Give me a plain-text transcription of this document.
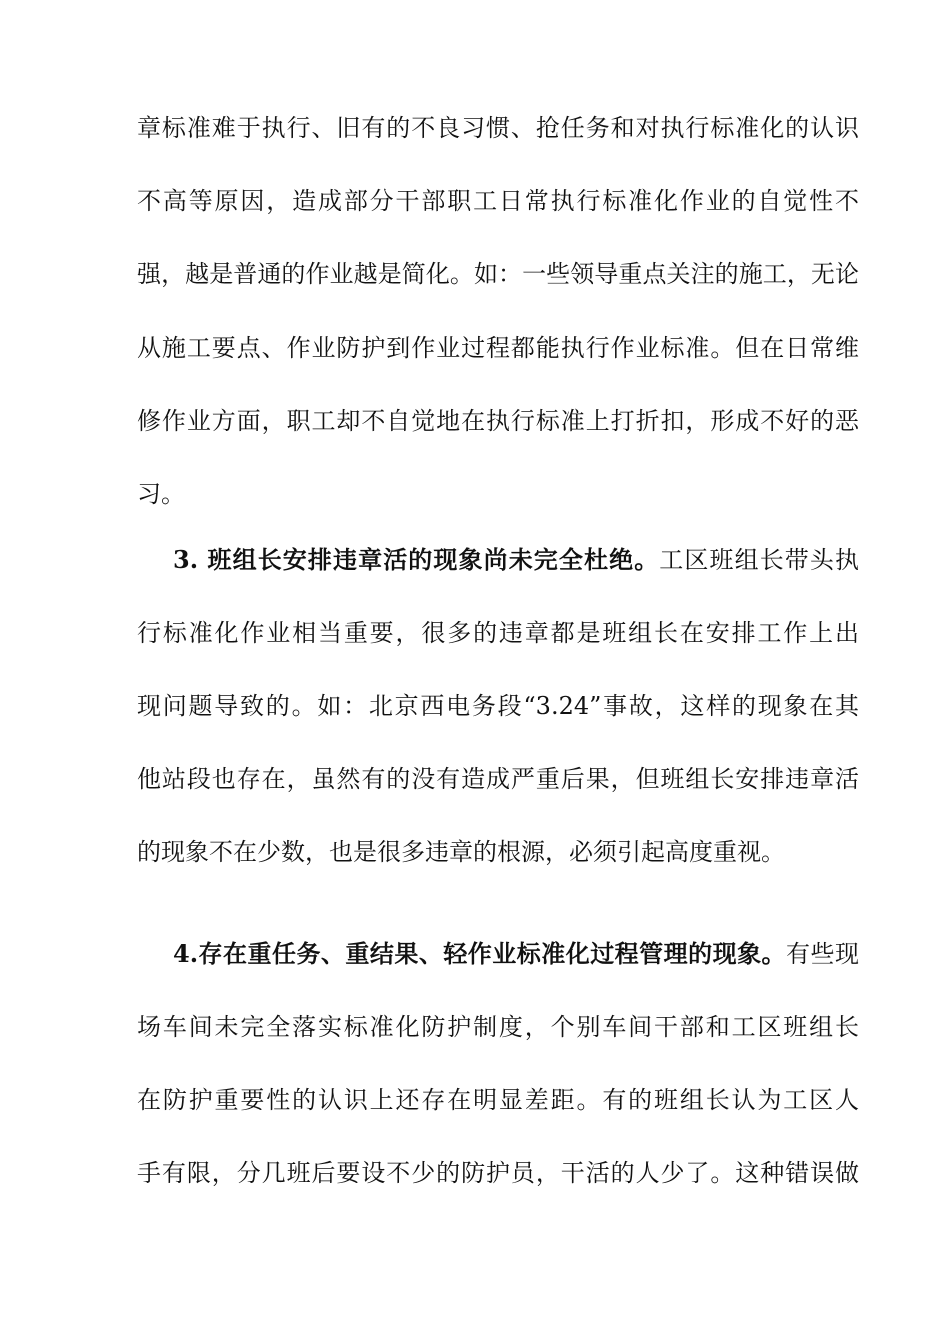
章标准难于执行、旧有的不良习惯、抢任务和对执行标准化的认识
不高等原因，造成部分干部职工日常执行标准化作业的自觉性不
强，越是普通的作业越是简化。如：一些领导重点关注的施工，无论
从施工要点、作业防护到作业过程都能执行作业标准。但在日常维
修作业方面，职工却不自觉地在执行标准上打折扣，形成不好的恶
习。
3. 班组长安排违章活的现象尚未完全杜绝。工区班组长带头执
行标准化作业相当重要，很多的违章都是班组长在安排工作上出
现问题导致的。如：北京西电务段“3.24”事故，这样的现象在其
他站段也存在，虽然有的没有造成严重后果，但班组长安排违章活
的现象不在少数，也是很多违章的根源，必须引起高度重视。
4.存在重任务、重结果、轻作业标准化过程管理的现象。有些现
场车间未完全落实标准化防护制度，个别车间干部和工区班组长
在防护重要性的认识上还存在明显差距。有的班组长认为工区人
手有限，分几班后要设不少的防护员，干活的人少了。这种错误做
